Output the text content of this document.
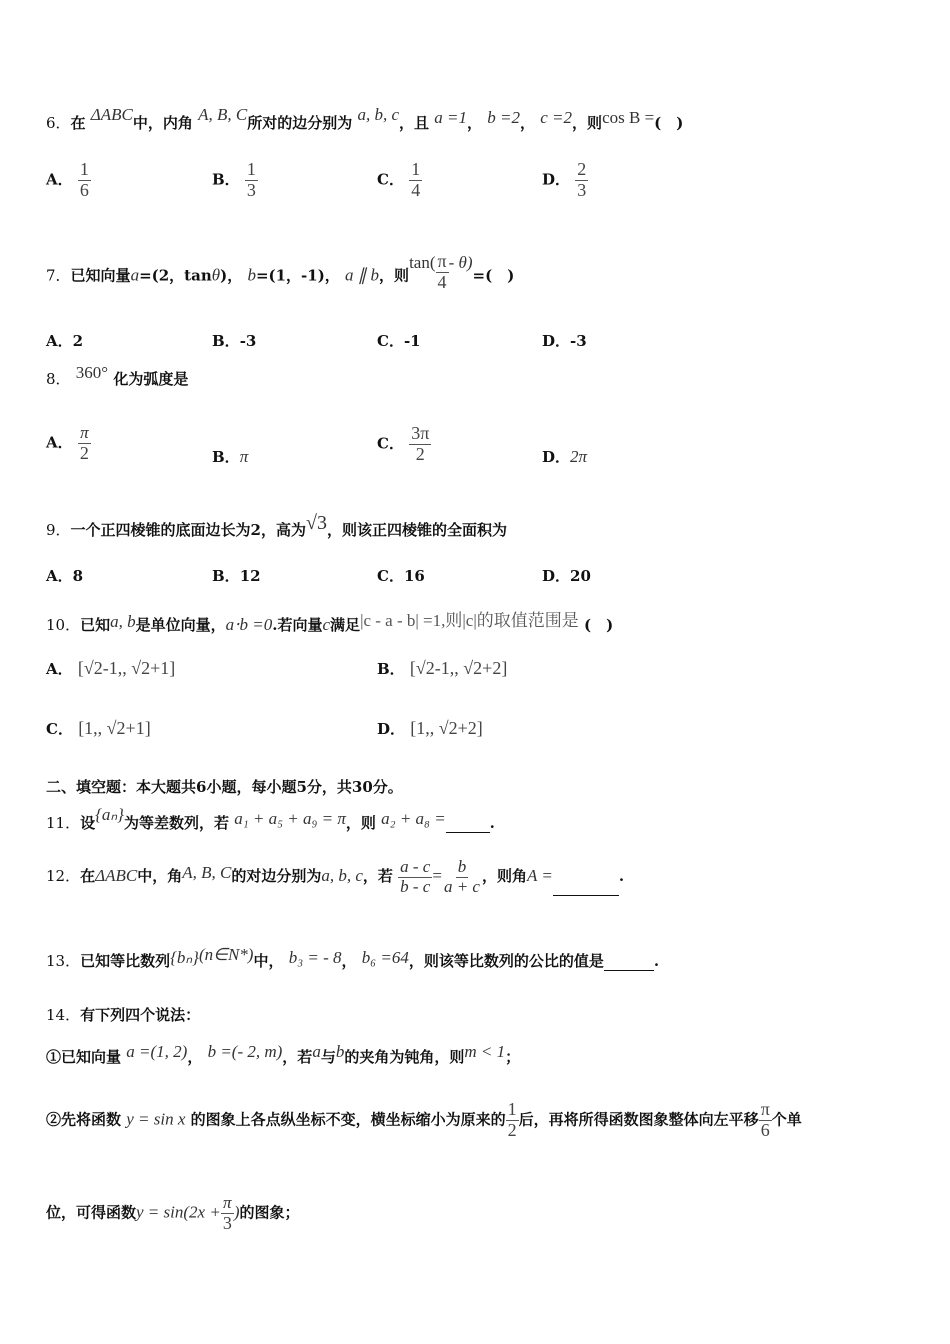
6．在 ΔABC中，内角 A, B, C所对的边分别为 a, b, c，且 a =1， b =2， c =2，则cos B =(　)
A． $\frac{1}{6}$	B． $\frac{1}{3}$	C． $\frac{1}{4}$	D． $\frac{2}{3}$
7．已知向量a=(2，tanθ)， b=(1，-1)， a ∥ b，则$\tan( \frac{\pi}{4} - \theta)=$(　)
A．2	B．-3	C．-1	D．-3
8． 360° 化为弧度是
A． $\frac{\pi}{2}$	B．π
C． $\frac{3\pi}{2}$	D．2π
9．一个正四棱锥的底面边长为2，高为√3，则该正四棱锥的全面积为
A．8	B．12	C．16	D．20
10．已知a, b是单位向量，a⋅b =0.若向量c满足|c - a - b| =1,则|c|的取值范围是 (　)
A． [√2-1,, √2+1]	B． [√2-1,, √2+2]
C． [1,, √2+1]	D． [1,, √2+2]
二、填空题：本大题共6小题，每小题5分，共30分。
11．设{aₙ}为等差数列，若 a₁ + a₅ + a₉ = π，则 a₂ + a₈ =	.
12．在ΔABC中，角A, B, C的对边分别为a, b, c，若 $\frac{a - c}{b - c} = \frac{b}{a + c}$ ，则角A =	.
13．已知等比数列{bₙ}(n∈N*)中， b₃ = - 8， b₆ =64，则该等比数列的公比的值是	.
14．有下列四个说法：
①已知向量 a =(1, 2)， b =(- 2, m)，若a与b的夹角为钝角，则m < 1；
②先将函数 y = sin x 的图象上各点纵坐标不变，横坐标缩小为原来的 $\frac{1}{2}$ 后，再将所得函数图象整体向左平移 $\frac{\pi}{6}$ 个单
位，可得函数$y = \sin(2x + \frac{\pi}{3}$ )的图象；
